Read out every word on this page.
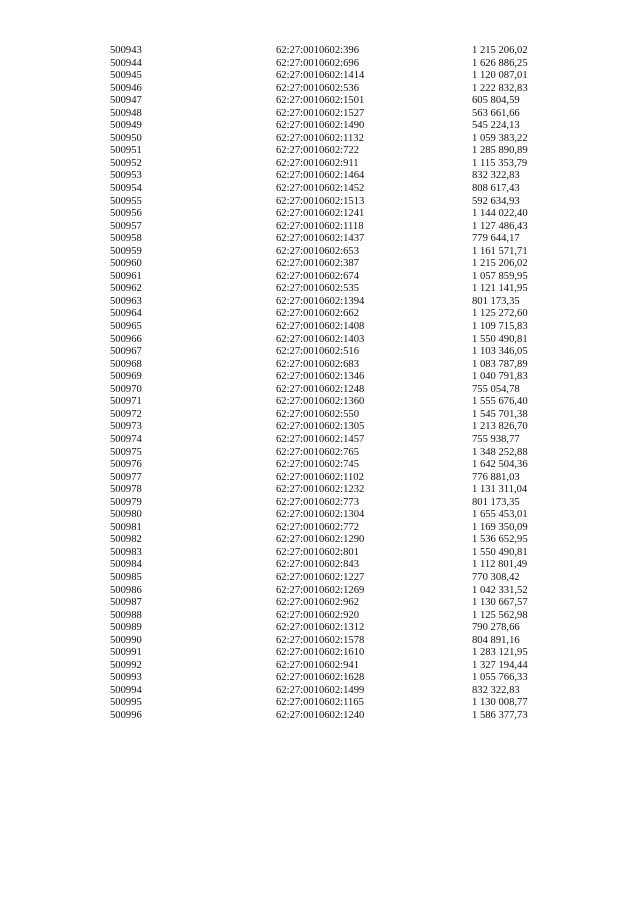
500943	62:27:0010602:396	1 215 206,02
500944	62:27:0010602:696	1 626 886,25
500945	62:27:0010602:1414	1 120 087,01
500946	62:27:0010602:536	1 222 832,83
500947	62:27:0010602:1501	605 804,59
500948	62:27:0010602:1527	563 661,66
500949	62:27:0010602:1490	545 224,13
500950	62:27:0010602:1132	1 059 383,22
500951	62:27:0010602:722	1 285 890,89
500952	62:27:0010602:911	1 115 353,79
500953	62:27:0010602:1464	832 322,83
500954	62:27:0010602:1452	808 617,43
500955	62:27:0010602:1513	592 634,93
500956	62:27:0010602:1241	1 144 022,40
500957	62:27:0010602:1118	1 127 486,43
500958	62:27:0010602:1437	779 644,17
500959	62:27:0010602:653	1 161 571,71
500960	62:27:0010602:387	1 215 206,02
500961	62:27:0010602:674	1 057 859,95
500962	62:27:0010602:535	1 121 141,95
500963	62:27:0010602:1394	801 173,35
500964	62:27:0010602:662	1 125 272,60
500965	62:27:0010602:1408	1 109 715,83
500966	62:27:0010602:1403	1 550 490,81
500967	62:27:0010602:516	1 103 346,05
500968	62:27:0010602:683	1 083 787,89
500969	62:27:0010602:1346	1 040 791,83
500970	62:27:0010602:1248	755 054,78
500971	62:27:0010602:1360	1 555 676,40
500972	62:27:0010602:550	1 545 701,38
500973	62:27:0010602:1305	1 213 826,70
500974	62:27:0010602:1457	755 938,77
500975	62:27:0010602:765	1 348 252,88
500976	62:27:0010602:745	1 642 504,36
500977	62:27:0010602:1102	776 881,03
500978	62:27:0010602:1232	1 131 311,04
500979	62:27:0010602:773	801 173,35
500980	62:27:0010602:1304	1 655 453,01
500981	62:27:0010602:772	1 169 350,09
500982	62:27:0010602:1290	1 536 652,95
500983	62:27:0010602:801	1 550 490,81
500984	62:27:0010602:843	1 112 801,49
500985	62:27:0010602:1227	770 308,42
500986	62:27:0010602:1269	1 042 331,52
500987	62:27:0010602:962	1 130 667,57
500988	62:27:0010602:920	1 125 562,98
500989	62:27:0010602:1312	790 278,66
500990	62:27:0010602:1578	804 891,16
500991	62:27:0010602:1610	1 283 121,95
500992	62:27:0010602:941	1 327 194,44
500993	62:27:0010602:1628	1 055 766,33
500994	62:27:0010602:1499	832 322,83
500995	62:27:0010602:1165	1 130 008,77
500996	62:27:0010602:1240	1 586 377,73
